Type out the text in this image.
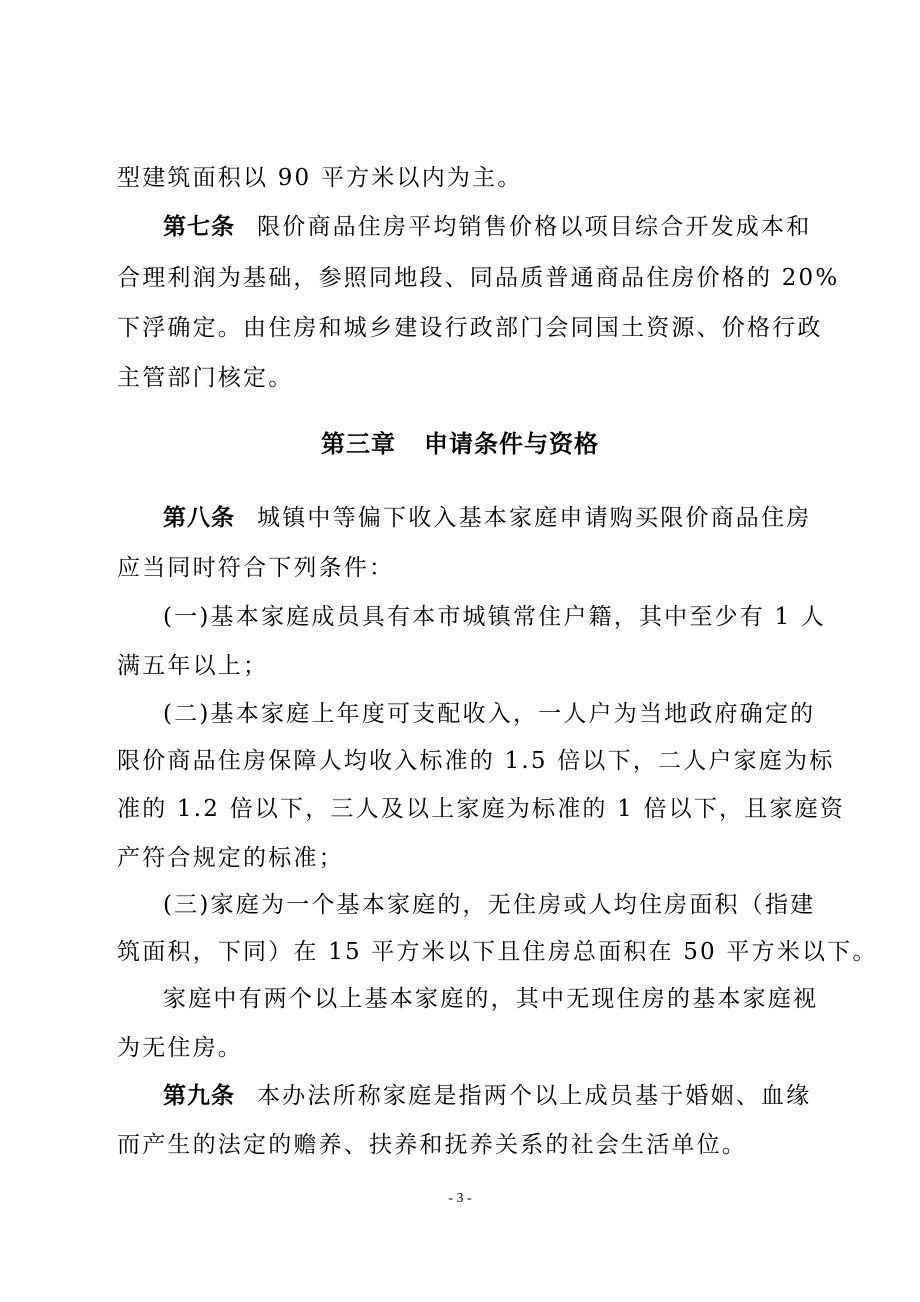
型建筑面积以 90 平方米以内为主。
第七条 限价商品住房平均销售价格以项目综合开发成本和
合理利润为基础，参照同地段、同品质普通商品住房价格的 20%
下浮确定。由住房和城乡建设行政部门会同国土资源、价格行政
主管部门核定。
第三章 申请条件与资格
第八条 城镇中等偏下收入基本家庭申请购买限价商品住房
应当同时符合下列条件：
(一)基本家庭成员具有本市城镇常住户籍，其中至少有 1 人
满五年以上；
(二)基本家庭上年度可支配收入，一人户为当地政府确定的
限价商品住房保障人均收入标准的 1.5 倍以下，二人户家庭为标
准的 1.2 倍以下，三人及以上家庭为标准的 1 倍以下，且家庭资
产符合规定的标准；
(三)家庭为一个基本家庭的，无住房或人均住房面积（指建
筑面积，下同）在 15 平方米以下且住房总面积在 50 平方米以下。
家庭中有两个以上基本家庭的，其中无现住房的基本家庭视
为无住房。
第九条 本办法所称家庭是指两个以上成员基于婚姻、血缘
而产生的法定的赡养、扶养和抚养关系的社会生活单位。
- 3 -
